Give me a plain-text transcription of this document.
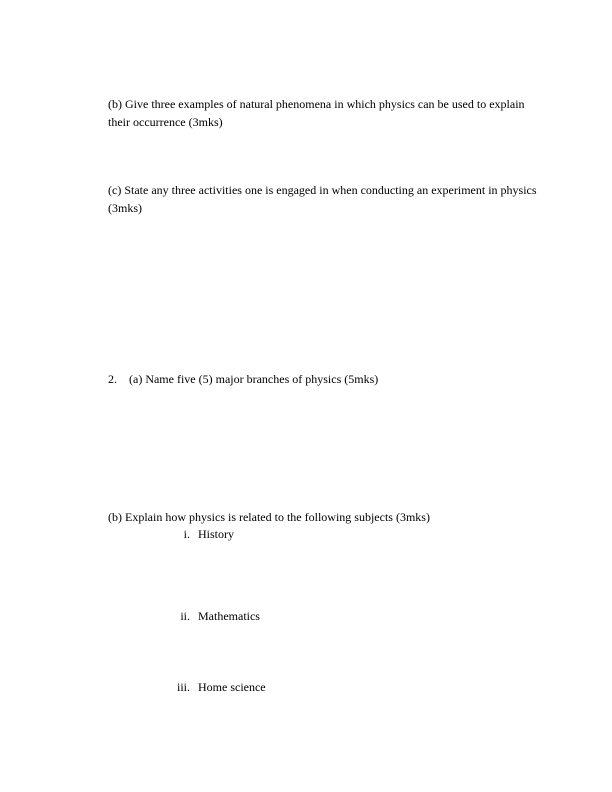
(b) Give three examples of natural phenomena in which physics can be used to explain their occurrence (3mks)

(c) State any three activities one is engaged in when conducting an experiment in physics (3mks)

2. (a) Name five (5) major branches of physics (5mks)

(b) Explain how physics is related to the following subjects (3mks)

i. History
ii. Mathematics
iii. Home science
